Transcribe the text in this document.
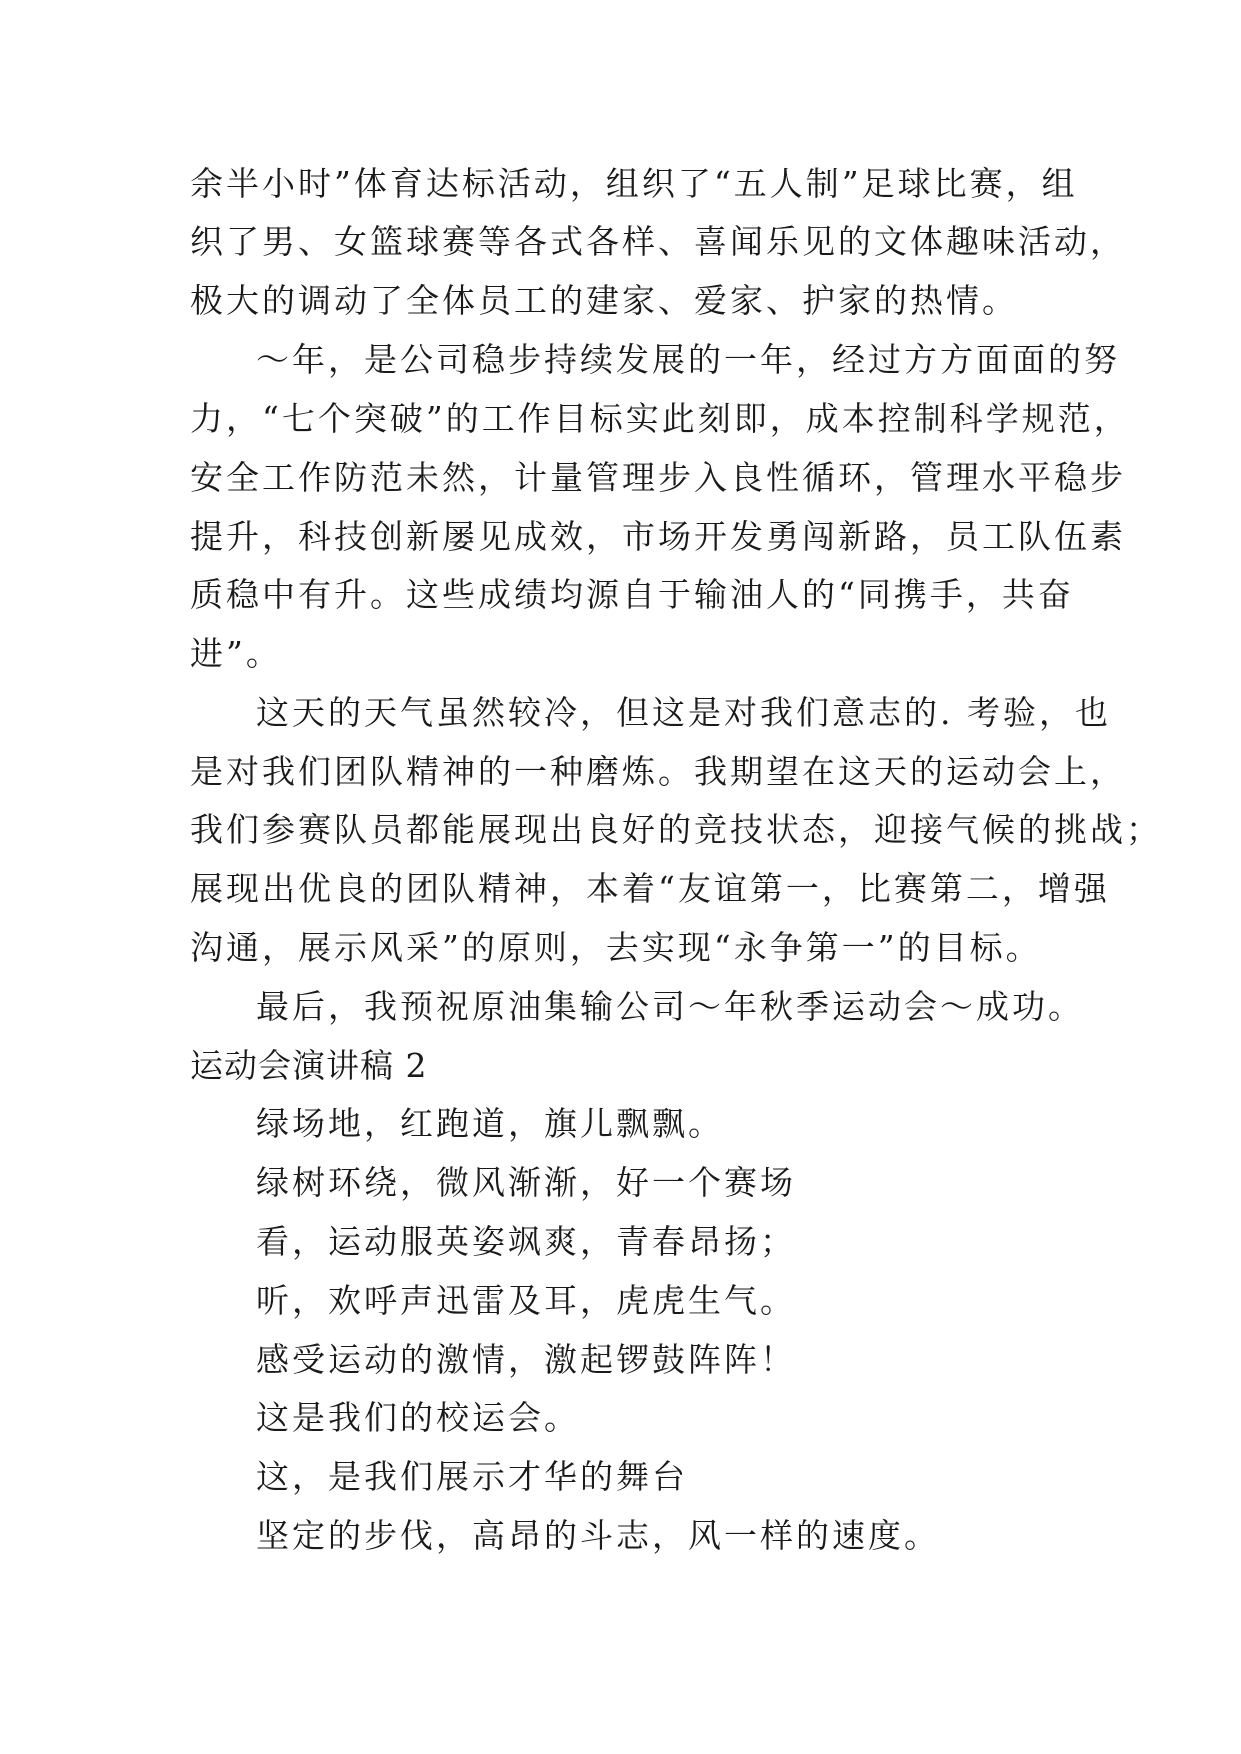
余半小时”体育达标活动，组织了“五人制”足球比赛，组
织了男、女篮球赛等各式各样、喜闻乐见的文体趣味活动，
极大的调动了全体员工的建家、爱家、护家的热情。
～年，是公司稳步持续发展的一年，经过方方面面的努
力，“七个突破”的工作目标实此刻即，成本控制科学规范，
安全工作防范未然，计量管理步入良性循环，管理水平稳步
提升，科技创新屡见成效，市场开发勇闯新路，员工队伍素
质稳中有升。这些成绩均源自于输油人的“同携手，共奋
进”。
这天的天气虽然较冷，但这是对我们意志的. 考验，也
是对我们团队精神的一种磨炼。我期望在这天的运动会上，
我们参赛队员都能展现出良好的竞技状态，迎接气候的挑战；
展现出优良的团队精神，本着“友谊第一，比赛第二，增强
沟通，展示风采”的原则，去实现“永争第一”的目标。
最后，我预祝原油集输公司～年秋季运动会～成功。
运动会演讲稿 2
绿场地，红跑道，旗儿飘飘。
绿树环绕，微风渐渐，好一个赛场
看，运动服英姿飒爽，青春昂扬；
听，欢呼声迅雷及耳，虎虎生气。
感受运动的激情，激起锣鼓阵阵！
这是我们的校运会。
这，是我们展示才华的舞台
坚定的步伐，高昂的斗志，风一样的速度。
